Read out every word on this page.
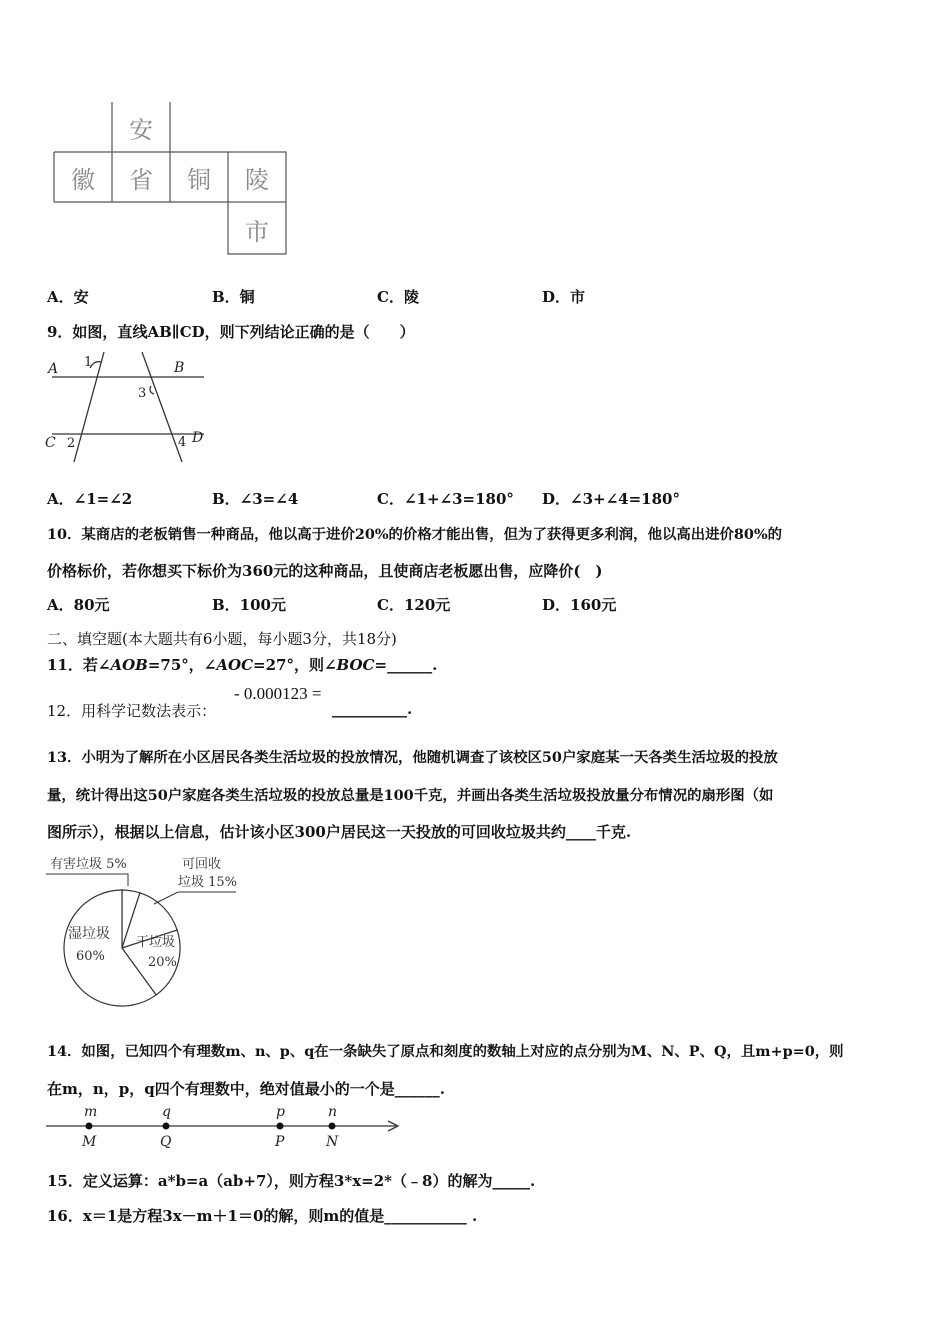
安
徽 省 铜 陵
市
A．安	B．铜	C．陵	D．市
9．如图，直线AB∥CD，则下列结论正确的是（　　）
A 1	B
3
C 2	4 D
A．∠1=∠2	B．∠3=∠4	C．∠1+∠3=180° D．∠3+∠4=180°
10．某商店的老板销售一种商品，他以高于进价20%的价格才能出售，但为了获得更多利润，他以高出进价80%的
价格标价，若你想买下标价为360元的这种商品，且使商店老板愿出售，应降价(　)
A．80元	B．100元	C．120元	D．160元
二、填空题(本大题共有6小题，每小题3分，共18分)
11．若∠AOB=75°，∠AOC=27°，则∠BOC=______.
12．用科学记数法表示：
- 0.000123 =
__________.
13．小明为了解所在小区居民各类生活垃圾的投放情况，他随机调查了该校区50户家庭某一天各类生活垃圾的投放
量，统计得出这50户家庭各类生活垃圾的投放总量是100千克，并画出各类生活垃圾投放量分布情况的扇形图（如
图所示），根据以上信息，估计该小区300户居民这一天投放的可回收垃圾共约____千克.
有害垃圾 5%	可回收
垃圾 15%
干垃圾
20%
湿垃圾
60%
14．如图，已知四个有理数m、n、p、q在一条缺失了原点和刻度的数轴上对应的点分别为M、N、P、Q，且m+p=0，则
在m，n，p，q四个有理数中，绝对值最小的一个是______.
m	q	p	n
M	Q	P	N
15．定义运算：a*b=a（ab+7），则方程3*x=2*（﹣8）的解为_____.
16．x＝1是方程3x－m＋1＝0的解，则m的值是___________ .
